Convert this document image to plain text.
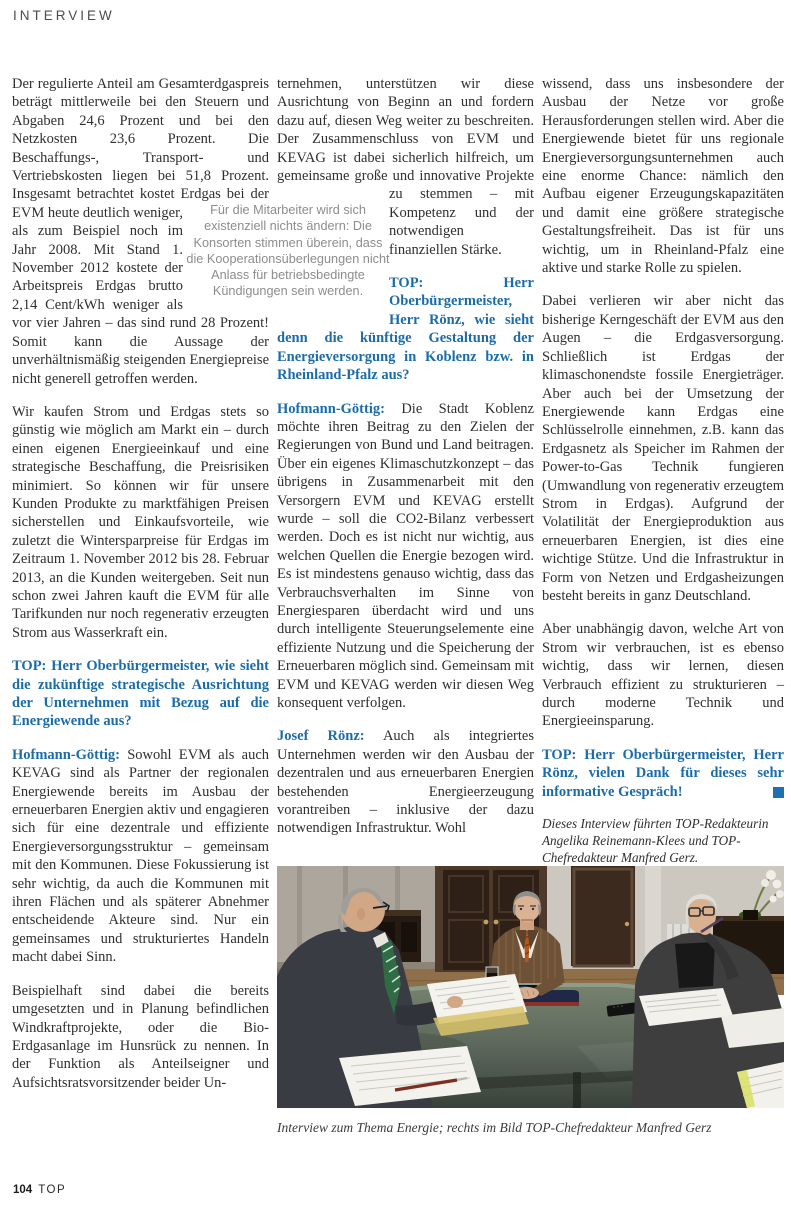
INTERVIEW

Der regulierte Anteil am Gesamterdgaspreis beträgt mittlerweile bei den Steuern und Abgaben 24,6 Prozent und bei den Netzkosten 23,6 Prozent. Die Beschaffungs-, Transport- und Vertriebskosten liegen bei 51,8 Prozent. Insgesamt betrachtet kostet Erdgas bei
der EVM heute deutlich weniger, als zum Beispiel noch im Jahr 2008. Mit Stand 1. November 2012 kostete der Arbeitspreis Erdgas brutto 2,14 Cent/kWh weniger als vor vier Jahren – das sind rund 28 Prozent! Somit kann die Aussage der unverhältnismäßig steigenden Energiepreise nicht generell getroffen werden.

Wir kaufen Strom und Erdgas stets so günstig wie möglich am Markt ein – durch einen eigenen Energieeinkauf und eine strategische Beschaffung, die Preisrisiken minimiert. So können wir für unsere Kunden Produkte zu marktfähigen Preisen sicherstellen und Einkaufsvorteile, wie zuletzt die Wintersparpreise für Erdgas im Zeitraum 1. November 2012 bis 28. Februar 2013, an die Kunden weitergeben. Seit nun schon zwei Jahren kauft die EVM für alle Tarifkunden nur noch regenerativ erzeugten Strom aus Wasserkraft ein.

TOP: Herr Oberbürgermeister, wie sieht die zukünftige strategische Ausrichtung der Unternehmen mit Bezug auf die Energiewende aus?

Hofmann-Göttig: Sowohl EVM als auch KEVAG sind als Partner der regionalen Energiewende bereits im Ausbau der erneuerbaren Energien aktiv und engagieren sich für eine dezentrale und effiziente Energieversorgungsstruktur – gemeinsam mit den Kommunen. Diese Fokussierung ist sehr wichtig, da auch die Kommunen mit ihren Flächen und als späterer Abnehmer entscheidende Akteure sind. Nur ein gemeinsames und strukturiertes Handeln macht dabei Sinn.

Beispielhaft sind dabei die bereits umgesetzten und in Planung befindlichen Windkraftprojekte, oder die Bio-Erdgasanlage im Hunsrück zu nennen. In der Funktion als Anteilseigner und Aufsichtsratsvorsitzender beider Un-

ternehmen, unterstützen wir diese Ausrichtung von Beginn an und fordern dazu auf, diesen Weg weiter zu beschreiten. Der Zusammenschluss von EVM und KEVAG ist dabei sicherlich hilfreich, um gemeinsame große und innovative Projekte zu stemmen –
mit Kompetenz und der notwendigen finanziellen Stärke.

TOP: Herr Oberbürgermeister, Herr Rönz, wie sieht denn die künftige Gestaltung der Energieversorgung in Koblenz bzw. in Rheinland-Pfalz aus?

Hofmann-Göttig: Die Stadt Koblenz möchte ihren Beitrag zu den Zielen der Regierungen von Bund und Land beitragen. Über ein eigenes Klimaschutzkonzept – das übrigens in Zusammenarbeit mit den Versorgern EVM und KEVAG erstellt wurde – soll die CO2-Bilanz verbessert werden. Doch es ist nicht nur wichtig, aus welchen Quellen die Energie bezogen wird. Es ist mindestens genauso wichtig, dass das Verbrauchsverhalten im Sinne von Energiesparen überdacht wird und uns durch intelligente Steuerungselemente eine effiziente Nutzung und die Speicherung der Erneuerbaren möglich sind. Gemeinsam mit EVM und KEVAG werden wir diesen Weg konsequent verfolgen.

Josef Rönz: Auch als integriertes Unternehmen werden wir den Ausbau der dezentralen und aus erneuerbaren Energien bestehenden Energieerzeugung vorantreiben – inklusive der dazu notwendigen Infrastruktur. Wohl

wissend, dass uns insbesondere der Ausbau der Netze vor große Herausforderungen stellen wird. Aber die Energiewende bietet für uns regionale Energieversorgungsunternehmen auch eine enorme Chance: nämlich den Aufbau eigener Erzeugungskapazitäten und damit eine größere strategische Gestaltungsfreiheit. Das ist für uns wichtig, um in Rheinland-Pfalz eine aktive und starke Rolle zu spielen.

Dabei verlieren wir aber nicht das bisherige Kerngeschäft der EVM aus den Augen – die Erdgasversorgung. Schließlich ist Erdgas der klimaschonendste fossile Energieträger. Aber auch bei der Umsetzung der Energiewende kann Erdgas eine Schlüsselrolle einnehmen, z.B. kann das Erdgasnetz als Speicher im Rahmen der Power-to-Gas Technik fungieren (Umwandlung von regenerativ erzeugtem Strom in Erdgas). Aufgrund der Volatilität der Energieproduktion aus erneuerbaren Energien, ist dies eine wichtige Stütze. Und die Infrastruktur in Form von Netzen und Erdgasheizungen besteht bereits in ganz Deutschland.

Aber unabhängig davon, welche Art von Strom wir verbrauchen, ist es ebenso wichtig, dass wir lernen, diesen Verbrauch effizient zu strukturieren – durch moderne Technik und Energieeinsparung.

TOP: Herr Oberbürgermeister, Herr Rönz, vielen Dank für dieses sehr informative Gespräch!

Dieses Interview führten TOP-Redakteurin Angelika Reinemann-Klees und TOP-Chefredakteur Manfred Gerz.

Für die Mitarbeiter wird sich existenziell nichts ändern: Die Konsorten stimmen überein, dass die Kooperationsüberlegungen nicht Anlass für betriebsbedingte Kündigungen sein werden.
Interview zum Thema Energie; rechts im Bild TOP-Chefredakteur Manfred Gerz
104 TOP
